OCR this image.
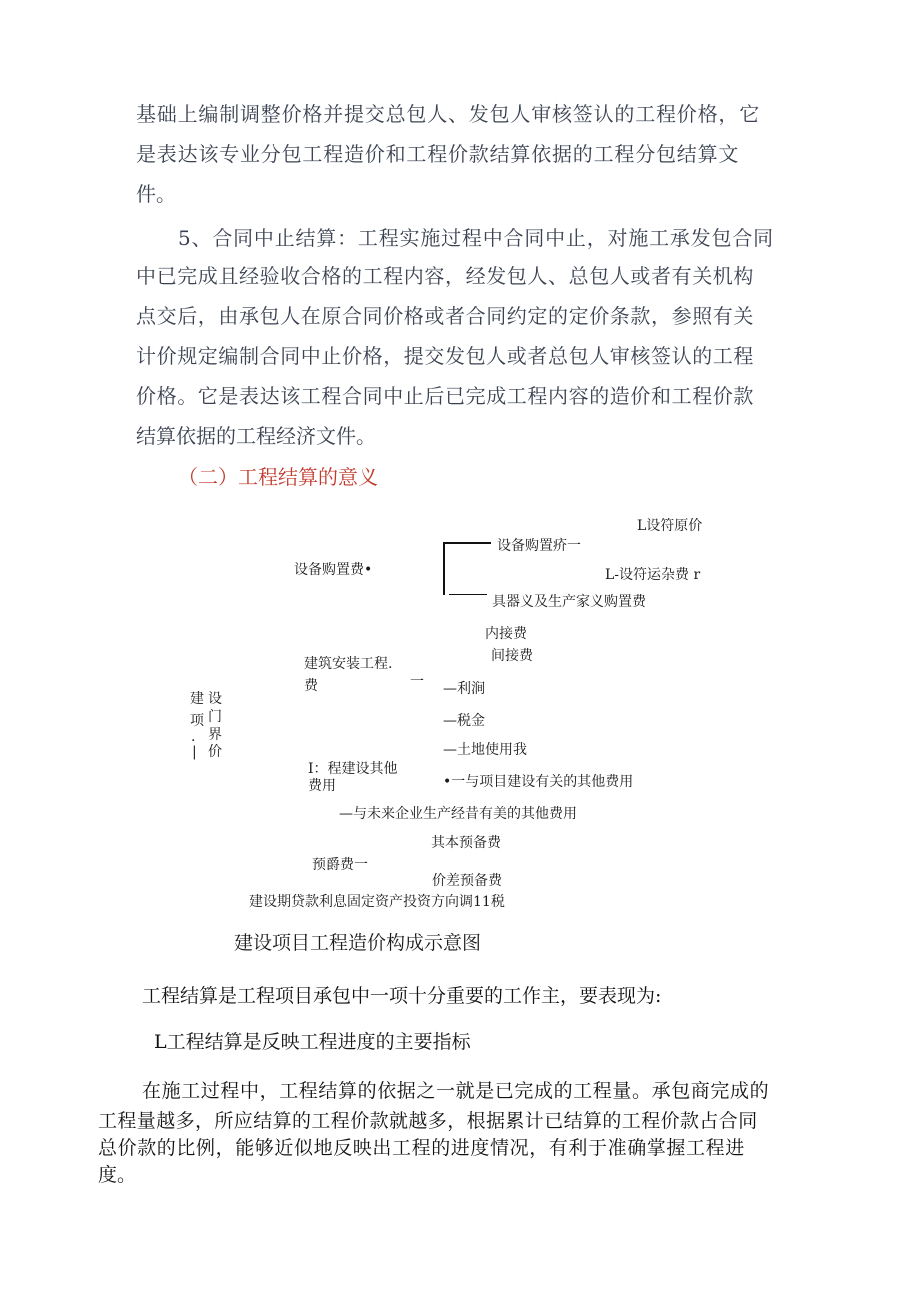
基础上编制调整价格并提交总包人、发包人审核签认的工程价格，它
是表达该专业分包工程造价和工程价款结算依据的工程分包结算文
件。
5、合同中止结算：工程实施过程中合同中止，对施工承发包合同
中已完成且经验收合格的工程内容，经发包人、总包人或者有关机构
点交后，由承包人在原合同价格或者合同约定的定价条款，参照有关
计价规定编制合同中止价格，提交发包人或者总包人审核签认的工程
价格。它是表达该工程合同中止后已完成工程内容的造价和工程价款
结算依据的工程经济文件。
（二）工程结算的意义
建 设
项 门
. 界
| 价
设备购置费•
设备购置疥一
L设符原价
L-设符运杂费 r
具器义及生产家义购置费
内接费
间接费
建筑安装工程.
费	一 —利涧
—税金
—土地使用我
I：程建设其他
•一与项目建设有关的其他费用
费用
—与未来企业生产经昔有美的其他费用
其本预备费
预爵费一
价差预备费
建设期贷款利息固定资产投资方向调11税
建设项目工程造价构成示意图
工程结算是工程项目承包中一项十分重要的工作主，要表现为:
L工程结算是反映工程进度的主要指标
在施工过程中，工程结算的依据之一就是已完成的工程量。承包商完成的
工程量越多，所应结算的工程价款就越多，根据累计已结算的工程价款占合同
总价款的比例，能够近似地反映出工程的进度情况，有利于准确掌握工程进
度。
